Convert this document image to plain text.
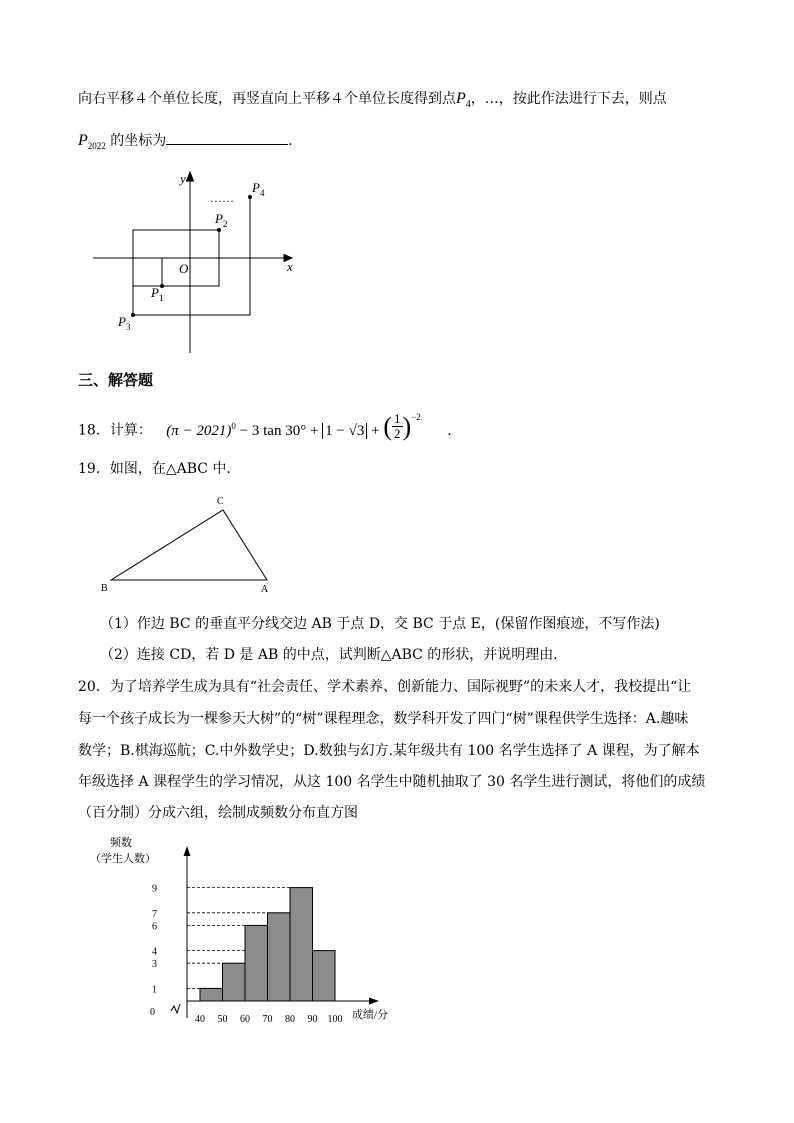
向右平移４个单位长度，再竖直向上平移４个单位长度得到点$P_4$，…，按此作法进行下去，则点
$P_{2022}$ 的坐标为	．
y
x
O
……
$P_1$
$P_2$
$P_3$
$P_4$
三、解答题
18．计算： $(\pi - 2021)^0 - 3$ tan 30° + 1 − √3 + ( $\frac{1}{2} )^{-2}$
．
19．如图，在△ABC 中．
C
B	A
（1）作边 BC 的垂直平分线交边 AB 于点 D，交 BC 于点 E，(保留作图痕迹，不写作法)
（2）连接 CD，若 D 是 AB 的中点，试判断△ABC 的形状，并说明理由．
20．为了培养学生成为具有“社会责任、学术素养、创新能力、国际视野”的未来人才，我校提出“让
每一个孩子成长为一棵参天大树”的“树”课程理念，数学科开发了四门“树”课程供学生选择：A.趣味
数学；B.棋海巡航；C.中外数学史；D.数独与幻方.某年级共有 100 名学生选择了 A 课程，为了解本
年级选择 A 课程学生的学习情况，从这 100 名学生中随机抽取了 30 名学生进行测试，将他们的成绩
（百分制）分成六组，绘制成频数分布直方图
频数
（学生人数）
0	成绩/分
1
3
4
6
7
9
40 50 60 70 80 90 100
